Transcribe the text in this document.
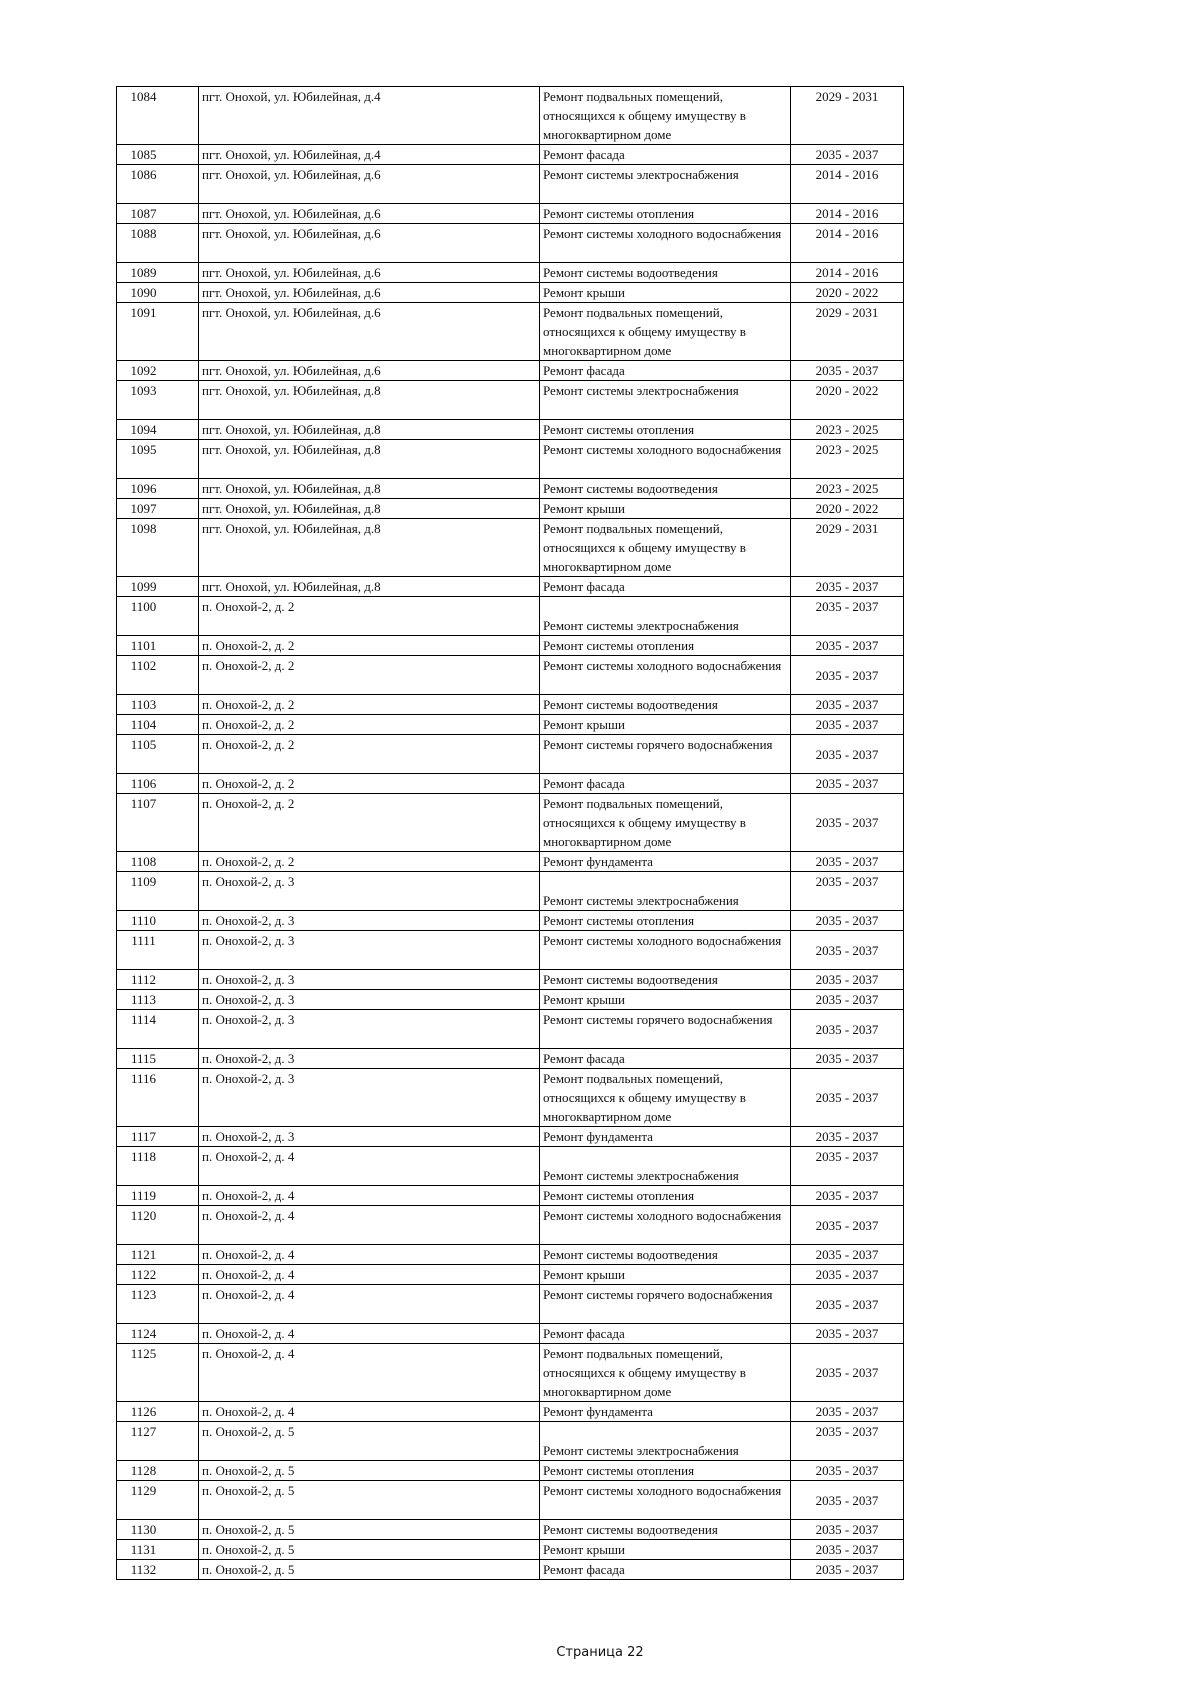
1084	пгт. Онохой, ул. Юбилейная, д.4	Ремонт подвальных помещений, относящихся к общему имуществу в многоквартирном доме	2029 - 2031
1085	пгт. Онохой, ул. Юбилейная, д.4	Ремонт фасада	2035 - 2037
1086	пгт. Онохой, ул. Юбилейная, д.6	Ремонт системы электроснабжения	2014 - 2016
1087	пгт. Онохой, ул. Юбилейная, д.6	Ремонт системы отопления	2014 - 2016
1088	пгт. Онохой, ул. Юбилейная, д.6	Ремонт системы холодного водоснабжения	2014 - 2016
1089	пгт. Онохой, ул. Юбилейная, д.6	Ремонт системы водоотведения	2014 - 2016
1090	пгт. Онохой, ул. Юбилейная, д.6	Ремонт крыши	2020 - 2022
1091	пгт. Онохой, ул. Юбилейная, д.6	Ремонт подвальных помещений, относящихся к общему имуществу в многоквартирном доме	2029 - 2031
1092	пгт. Онохой, ул. Юбилейная, д.6	Ремонт фасада	2035 - 2037
1093	пгт. Онохой, ул. Юбилейная, д.8	Ремонт системы электроснабжения	2020 - 2022
1094	пгт. Онохой, ул. Юбилейная, д.8	Ремонт системы отопления	2023 - 2025
1095	пгт. Онохой, ул. Юбилейная, д.8	Ремонт системы холодного водоснабжения	2023 - 2025
1096	пгт. Онохой, ул. Юбилейная, д.8	Ремонт системы водоотведения	2023 - 2025
1097	пгт. Онохой, ул. Юбилейная, д.8	Ремонт крыши	2020 - 2022
1098	пгт. Онохой, ул. Юбилейная, д.8	Ремонт подвальных помещений, относящихся к общему имуществу в многоквартирном доме	2029 - 2031
1099	пгт. Онохой, ул. Юбилейная, д.8	Ремонт фасада	2035 - 2037
1100	п. Онохой-2, д. 2	Ремонт системы электроснабжения	2035 - 2037
1101	п. Онохой-2, д. 2	Ремонт системы отопления	2035 - 2037
1102	п. Онохой-2, д. 2	Ремонт системы холодного водоснабжения	2035 - 2037
1103	п. Онохой-2, д. 2	Ремонт системы водоотведения	2035 - 2037
1104	п. Онохой-2, д. 2	Ремонт крыши	2035 - 2037
1105	п. Онохой-2, д. 2	Ремонт системы горячего водоснабжения	2035 - 2037
1106	п. Онохой-2, д. 2	Ремонт фасада	2035 - 2037
1107	п. Онохой-2, д. 2	Ремонт подвальных помещений, относящихся к общему имуществу в многоквартирном доме	2035 - 2037
1108	п. Онохой-2, д. 2	Ремонт фундамента	2035 - 2037
1109	п. Онохой-2, д. 3	Ремонт системы электроснабжения	2035 - 2037
1110	п. Онохой-2, д. 3	Ремонт системы отопления	2035 - 2037
1111	п. Онохой-2, д. 3	Ремонт системы холодного водоснабжения	2035 - 2037
1112	п. Онохой-2, д. 3	Ремонт системы водоотведения	2035 - 2037
1113	п. Онохой-2, д. 3	Ремонт крыши	2035 - 2037
1114	п. Онохой-2, д. 3	Ремонт системы горячего водоснабжения	2035 - 2037
1115	п. Онохой-2, д. 3	Ремонт фасада	2035 - 2037
1116	п. Онохой-2, д. 3	Ремонт подвальных помещений, относящихся к общему имуществу в многоквартирном доме	2035 - 2037
1117	п. Онохой-2, д. 3	Ремонт фундамента	2035 - 2037
1118	п. Онохой-2, д. 4	Ремонт системы электроснабжения	2035 - 2037
1119	п. Онохой-2, д. 4	Ремонт системы отопления	2035 - 2037
1120	п. Онохой-2, д. 4	Ремонт системы холодного водоснабжения	2035 - 2037
1121	п. Онохой-2, д. 4	Ремонт системы водоотведения	2035 - 2037
1122	п. Онохой-2, д. 4	Ремонт крыши	2035 - 2037
1123	п. Онохой-2, д. 4	Ремонт системы горячего водоснабжения	2035 - 2037
1124	п. Онохой-2, д. 4	Ремонт фасада	2035 - 2037
1125	п. Онохой-2, д. 4	Ремонт подвальных помещений, относящихся к общему имуществу в многоквартирном доме	2035 - 2037
1126	п. Онохой-2, д. 4	Ремонт фундамента	2035 - 2037
1127	п. Онохой-2, д. 5	Ремонт системы электроснабжения	2035 - 2037
1128	п. Онохой-2, д. 5	Ремонт системы отопления	2035 - 2037
1129	п. Онохой-2, д. 5	Ремонт системы холодного водоснабжения	2035 - 2037
1130	п. Онохой-2, д. 5	Ремонт системы водоотведения	2035 - 2037
1131	п. Онохой-2, д. 5	Ремонт крыши	2035 - 2037
1132	п. Онохой-2, д. 5	Ремонт фасада	2035 - 2037
Страница 22
